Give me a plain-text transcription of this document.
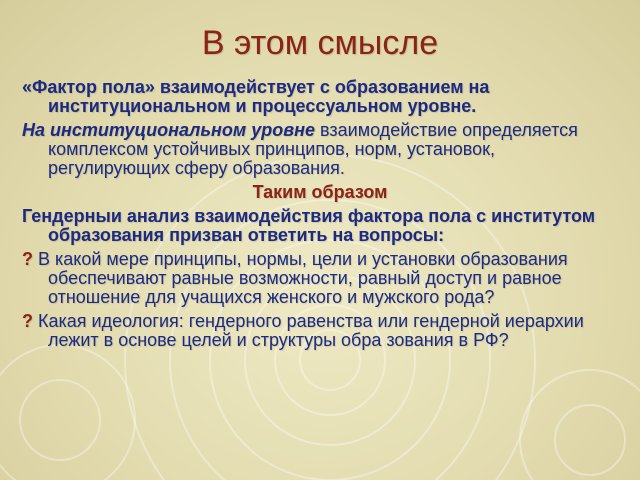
В этом смысле

«Фактор пола» взаимодействует с образованием на институциональном и процессуальном уровне.

На институциональном уровне взаимодействие определяется комплексом устойчивых принципов, норм, установок, регулирующих сферу образования.

Таким образом

Гендерныи анализ взаимодействия фактора пола с институтом образования призван ответить на вопросы:

? В какой мере принципы, нормы, цели и установки образования обеспечивают равные возможности, равный доступ и равное отношение для учащихся женского и мужского рода?

? Какая идеология: гендерного равенства или гендерной иерархии лежит в основе целей и структуры обра зования в РФ?
